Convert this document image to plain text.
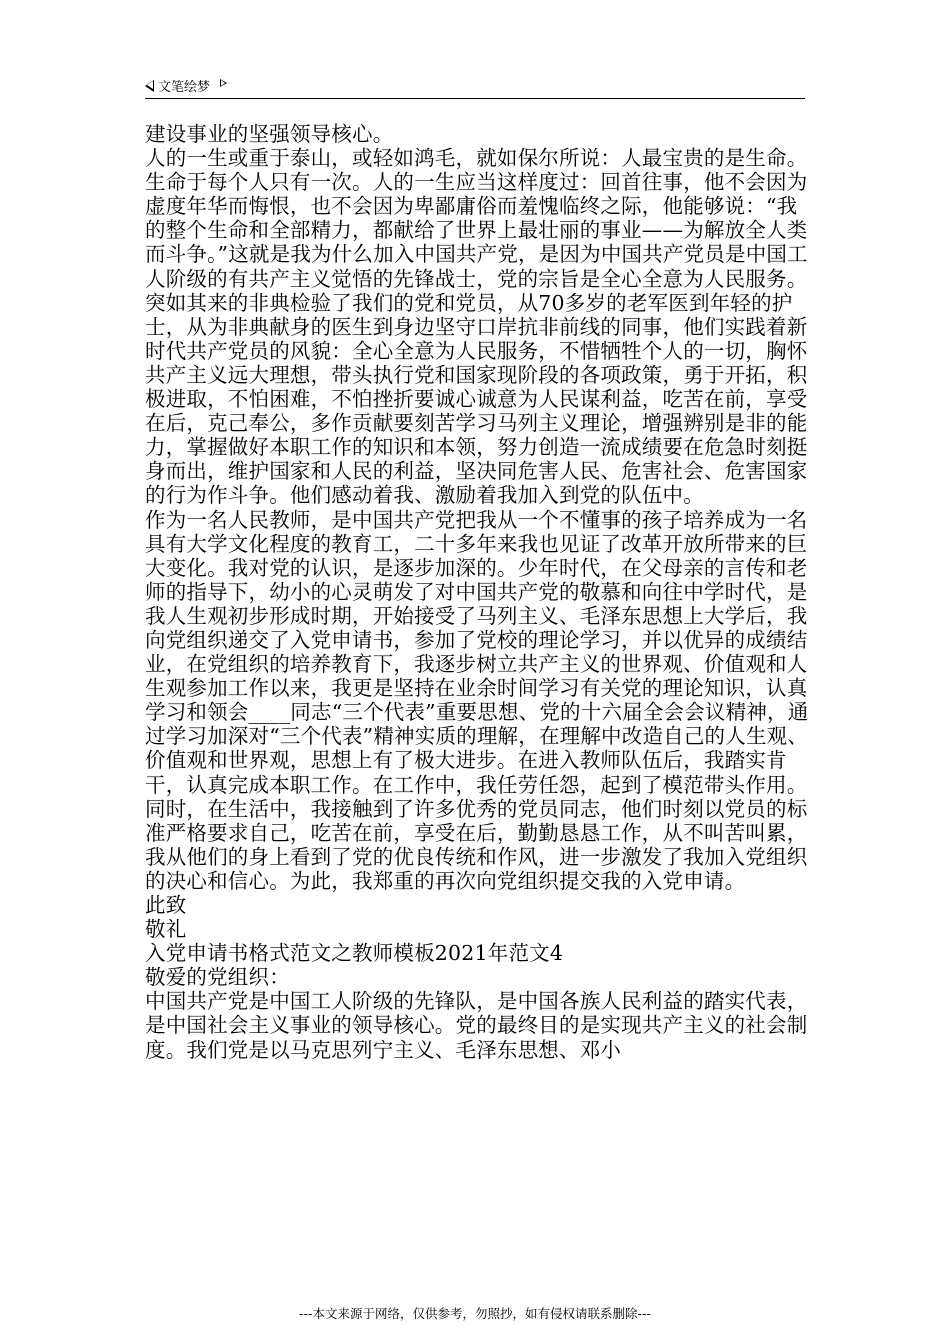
文笔绘梦

建设事业的坚强领导核心。

人的一生或重于泰山，或轻如鸿毛，就如保尔所说：人最宝贵的是生命。生命于每个人只有一次。人的一生应当这样度过：回首往事，他不会因为虚度年华而悔恨，也不会因为卑鄙庸俗而羞愧临终之际，他能够说：“我的整个生命和全部精力，都献给了世界上最壮丽的事业——为解放全人类而斗争。”这就是我为什么加入中国共产党，是因为中国共产党员是中国工人阶级的有共产主义觉悟的先锋战士，党的宗旨是全心全意为人民服务。

突如其来的非典检验了我们的党和党员，从70多岁的老军医到年轻的护士，从为非典献身的医生到身边坚守口岸抗非前线的同事，他们实践着新时代共产党员的风貌：全心全意为人民服务，不惜牺牲个人的一切，胸怀共产主义远大理想，带头执行党和国家现阶段的各项政策，勇于开拓，积极进取，不怕困难，不怕挫折要诚心诚意为人民谋利益，吃苦在前，享受在后，克己奉公，多作贡献要刻苦学习马列主义理论，增强辨别是非的能力，掌握做好本职工作的知识和本领，努力创造一流成绩要在危急时刻挺身而出，维护国家和人民的利益，坚决同危害人民、危害社会、危害国家的行为作斗争。他们感动着我、激励着我加入到党的队伍中。

作为一名人民教师，是中国共产党把我从一个不懂事的孩子培养成为一名具有大学文化程度的教育工，二十多年来我也见证了改革开放所带来的巨大变化。我对党的认识，是逐步加深的。少年时代，在父母亲的言传和老师的指导下，幼小的心灵萌发了对中国共产党的敬慕和向往中学时代，是我人生观初步形成时期，开始接受了马列主义、毛泽东思想上大学后，我向党组织递交了入党申请书，参加了党校的理论学习，并以优异的成绩结业，在党组织的培养教育下，我逐步树立共产主义的世界观、价值观和人生观参加工作以来，我更是坚持在业余时间学习有关党的理论知识，认真学习和领会____同志“三个代表”重要思想、党的十六届全会会议精神，通过学习加深对“三个代表”精神实质的理解，在理解中改造自己的人生观、价值观和世界观，思想上有了极大进步。在进入教师队伍后，我踏实肯干，认真完成本职工作。在工作中，我任劳任怨，起到了模范带头作用。

同时，在生活中，我接触到了许多优秀的党员同志，他们时刻以党员的标准严格要求自己，吃苦在前，享受在后，勤勤恳恳工作，从不叫苦叫累，我从他们的身上看到了党的优良传统和作风，进一步激发了我加入党组织的决心和信心。为此，我郑重的再次向党组织提交我的入党申请。

此致

敬礼

入党申请书格式范文之教师模板2021年范文4

敬爱的党组织：

中国共产党是中国工人阶级的先锋队，是中国各族人民利益的踏实代表，是中国社会主义事业的领导核心。党的最终目的是实现共产主义的社会制度。我们党是以马克思列宁主义、毛泽东思想、邓小

---本文来源于网络，仅供参考，勿照抄，如有侵权请联系删除---
